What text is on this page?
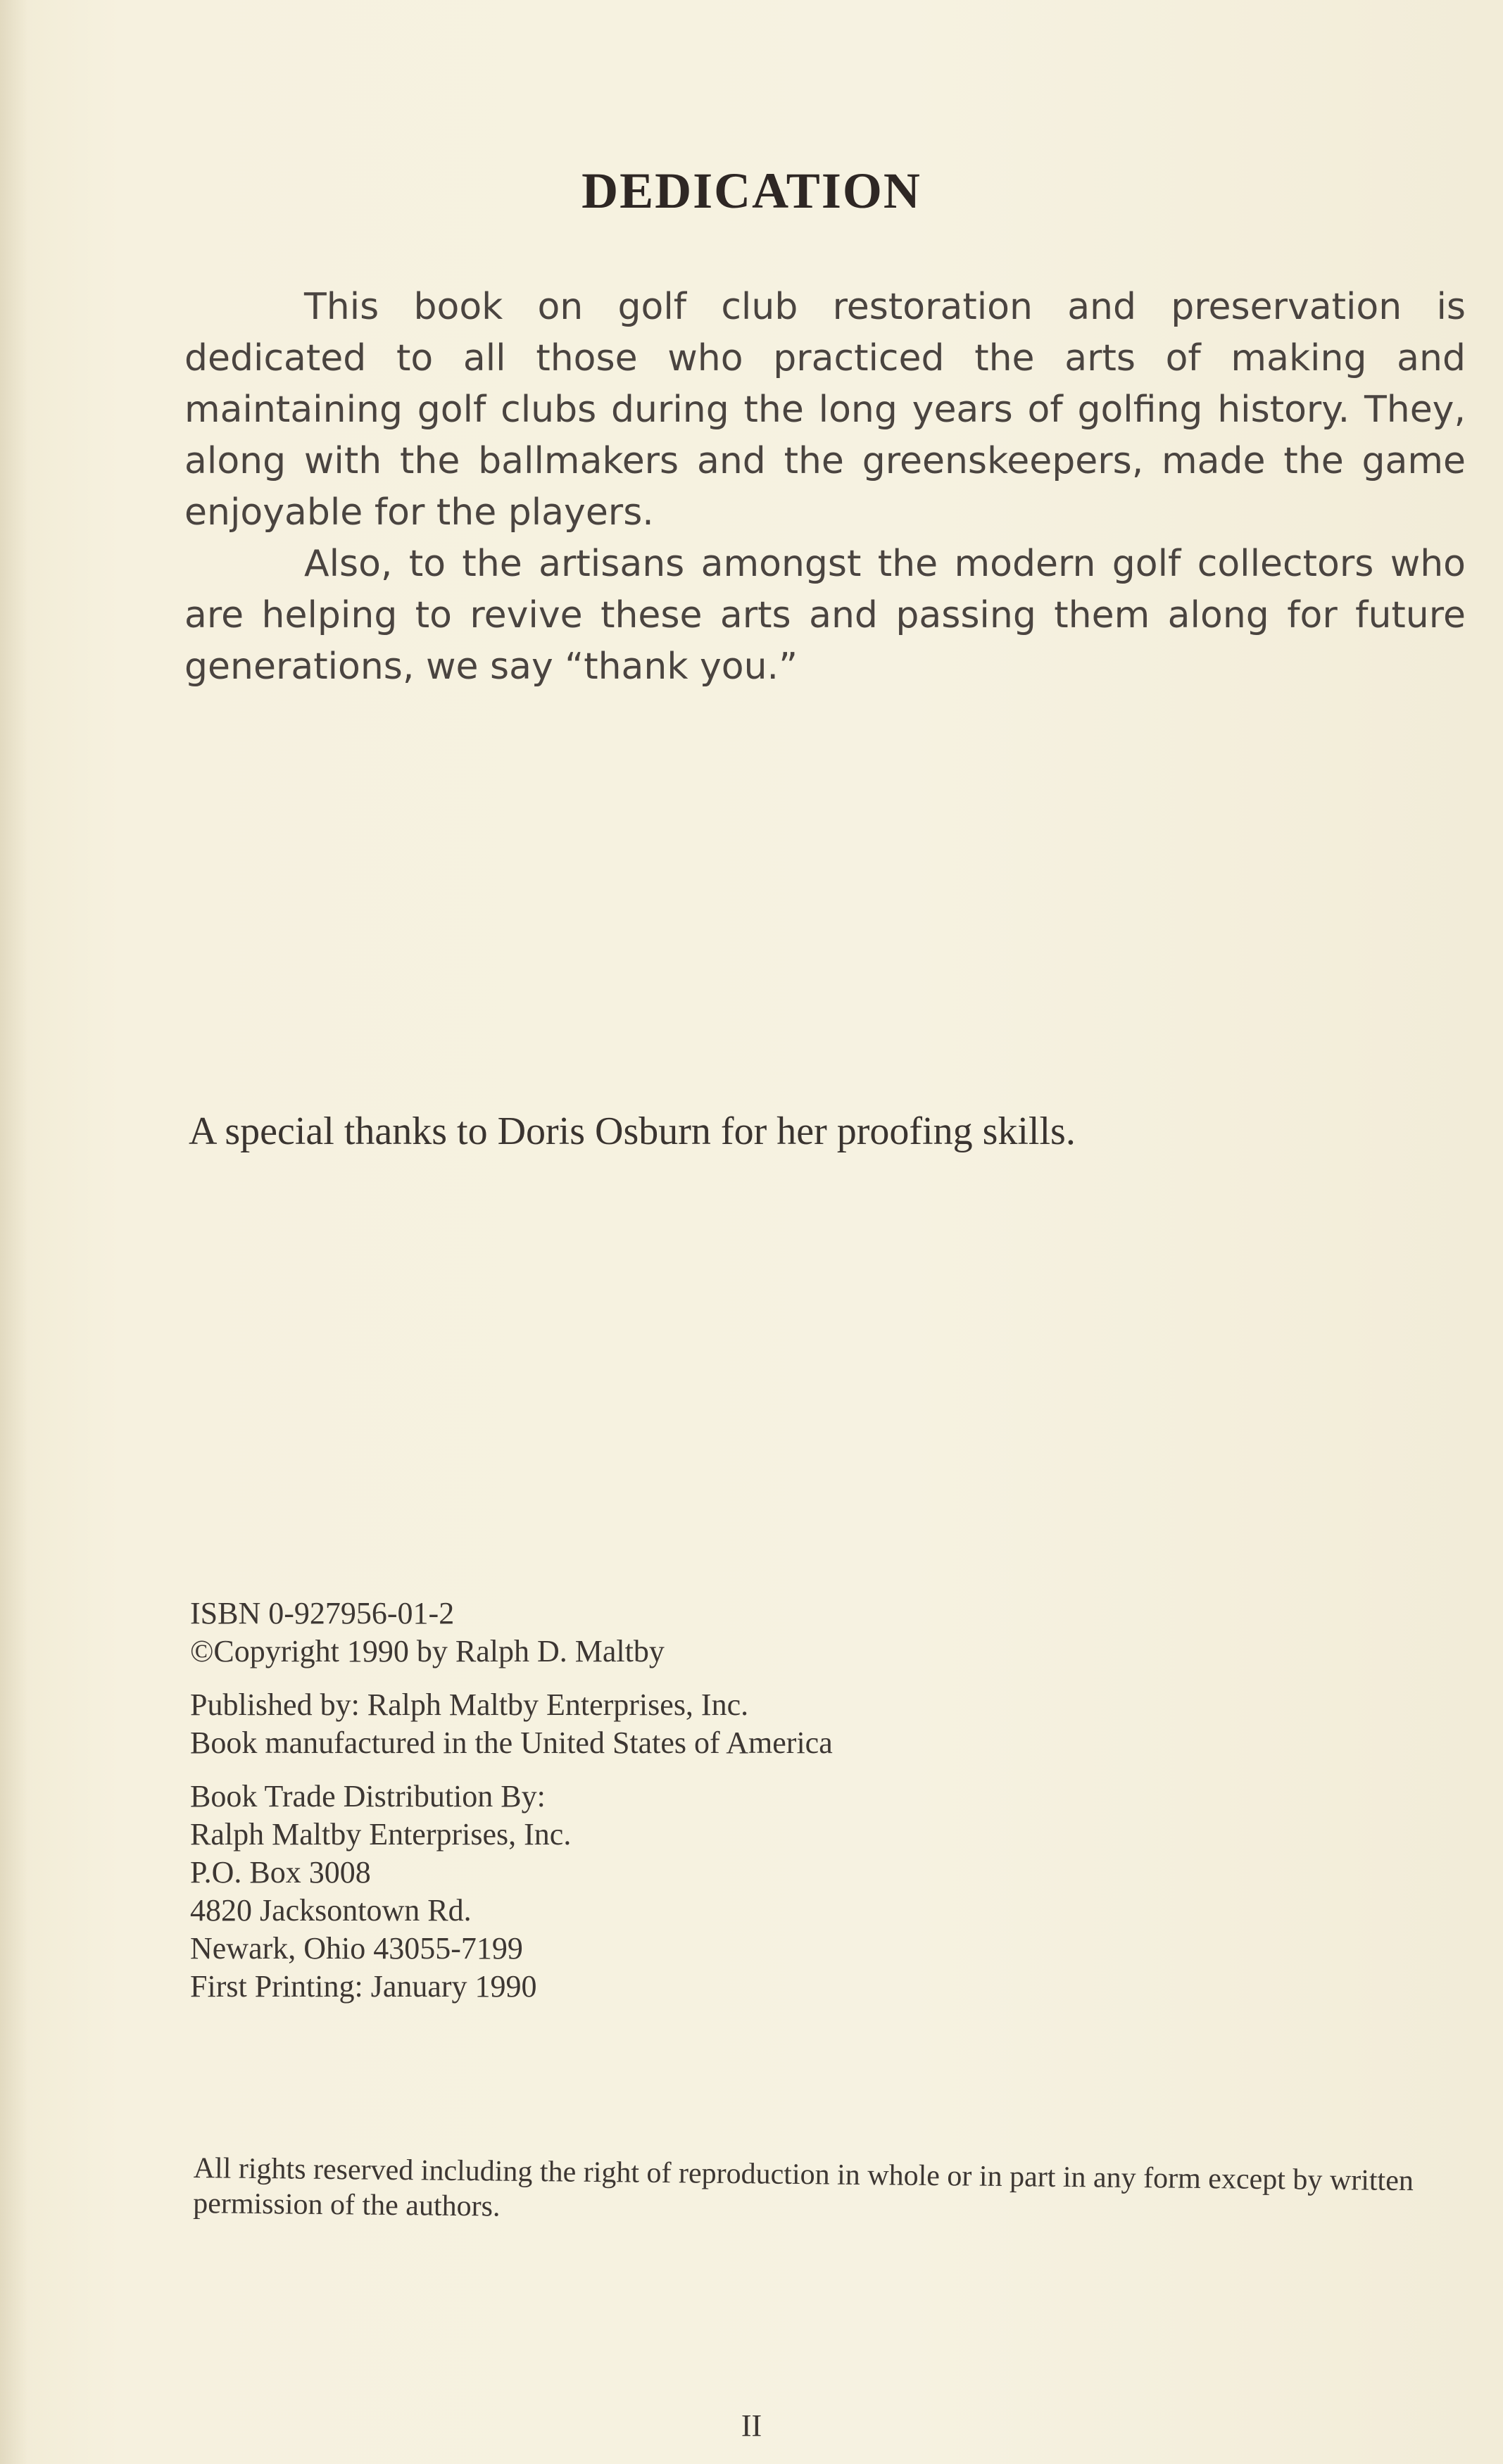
DEDICATION

This book on golf club restoration and preservation is dedicated to all those who practiced the arts of making and maintaining golf clubs during the long years of golfing history. They, along with the ballmakers and the greenskeepers, made the game enjoyable for the players.

Also, to the artisans amongst the modern golf collectors who are helping to revive these arts and passing them along for future generations, we say “thank you.”

A special thanks to Doris Osburn for her proofing skills.
ISBN 0-927956-01-2
©Copyright 1990 by Ralph D. Maltby
Published by: Ralph Maltby Enterprises, Inc.
Book manufactured in the United States of America
Book Trade Distribution By:
Ralph Maltby Enterprises, Inc.
P.O. Box 3008
4820 Jacksontown Rd.
Newark, Ohio 43055-7199
First Printing: January 1990
All rights reserved including the right of reproduction in whole or in part in any form except by written permission of the authors.
II
